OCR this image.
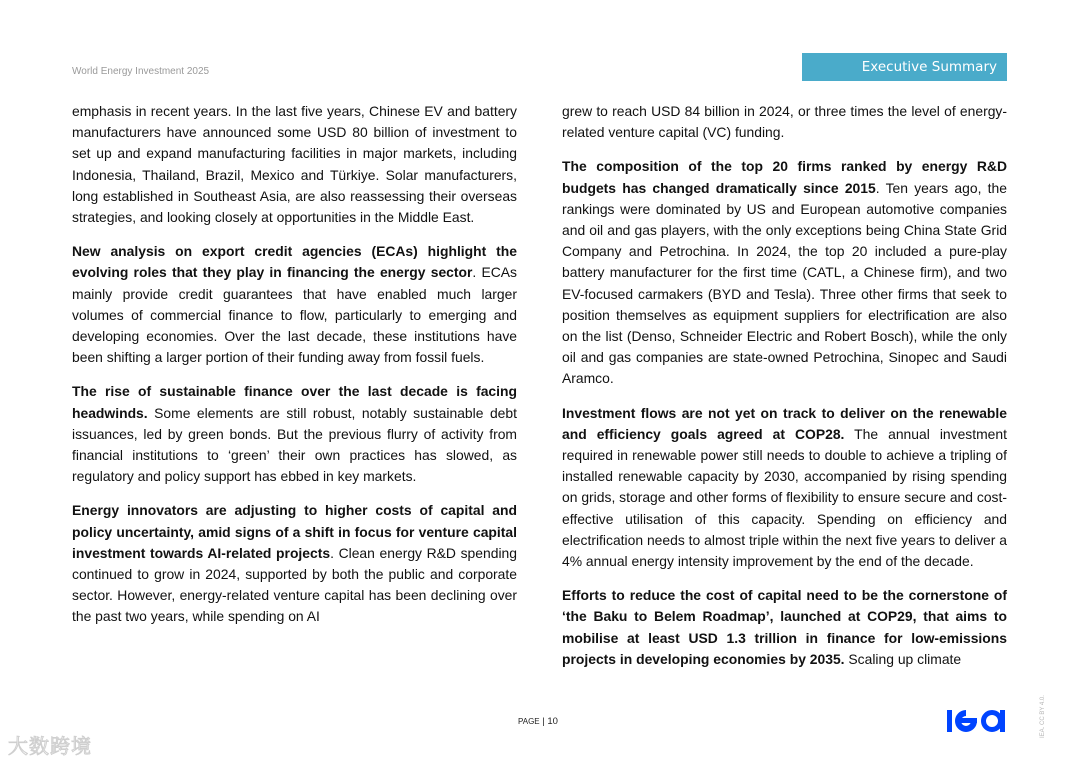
World Energy Investment 2025	Executive Summary

emphasis in recent years. In the last five years, Chinese EV and battery manufacturers have announced some USD 80 billion of investment to set up and expand manufacturing facilities in major markets, including Indonesia, Thailand, Brazil, Mexico and Türkiye. Solar manufacturers, long established in Southeast Asia, are also reassessing their overseas strategies, and looking closely at opportunities in the Middle East.

New analysis on export credit agencies (ECAs) highlight the evolving roles that they play in financing the energy sector. ECAs mainly provide credit guarantees that have enabled much larger volumes of commercial finance to flow, particularly to emerging and developing economies. Over the last decade, these institutions have been shifting a larger portion of their funding away from fossil fuels.

The rise of sustainable finance over the last decade is facing headwinds. Some elements are still robust, notably sustainable debt issuances, led by green bonds. But the previous flurry of activity from financial institutions to ‘green’ their own practices has slowed, as regulatory and policy support has ebbed in key markets.

Energy innovators are adjusting to higher costs of capital and policy uncertainty, amid signs of a shift in focus for venture capital investment towards AI-related projects. Clean energy R&D spending continued to grow in 2024, supported by both the public and corporate sector. However, energy-related venture capital has been declining over the past two years, while spending on AI

grew to reach USD 84 billion in 2024, or three times the level of energy-related venture capital (VC) funding.

The composition of the top 20 firms ranked by energy R&D budgets has changed dramatically since 2015. Ten years ago, the rankings were dominated by US and European automotive companies and oil and gas players, with the only exceptions being China State Grid Company and Petrochina. In 2024, the top 20 included a pure-play battery manufacturer for the first time (CATL, a Chinese firm), and two EV-focused carmakers (BYD and Tesla). Three other firms that seek to position themselves as equipment suppliers for electrification are also on the list (Denso, Schneider Electric and Robert Bosch), while the only oil and gas companies are state-owned Petrochina, Sinopec and Saudi Aramco.

Investment flows are not yet on track to deliver on the renewable and efficiency goals agreed at COP28. The annual investment required in renewable power still needs to double to achieve a tripling of installed renewable capacity by 2030, accompanied by rising spending on grids, storage and other forms of flexibility to ensure secure and cost-effective utilisation of this capacity. Spending on efficiency and electrification needs to almost triple within the next five years to deliver a 4% annual energy intensity improvement by the end of the decade.

Efforts to reduce the cost of capital need to be the cornerstone of ‘the Baku to Belem Roadmap’, launched at COP29, that aims to mobilise at least USD 1.3 trillion in finance for low-emissions projects in developing economies by 2035. Scaling up climate

PAGE | 10	IEA. CC BY 4.0.
大数跨境
